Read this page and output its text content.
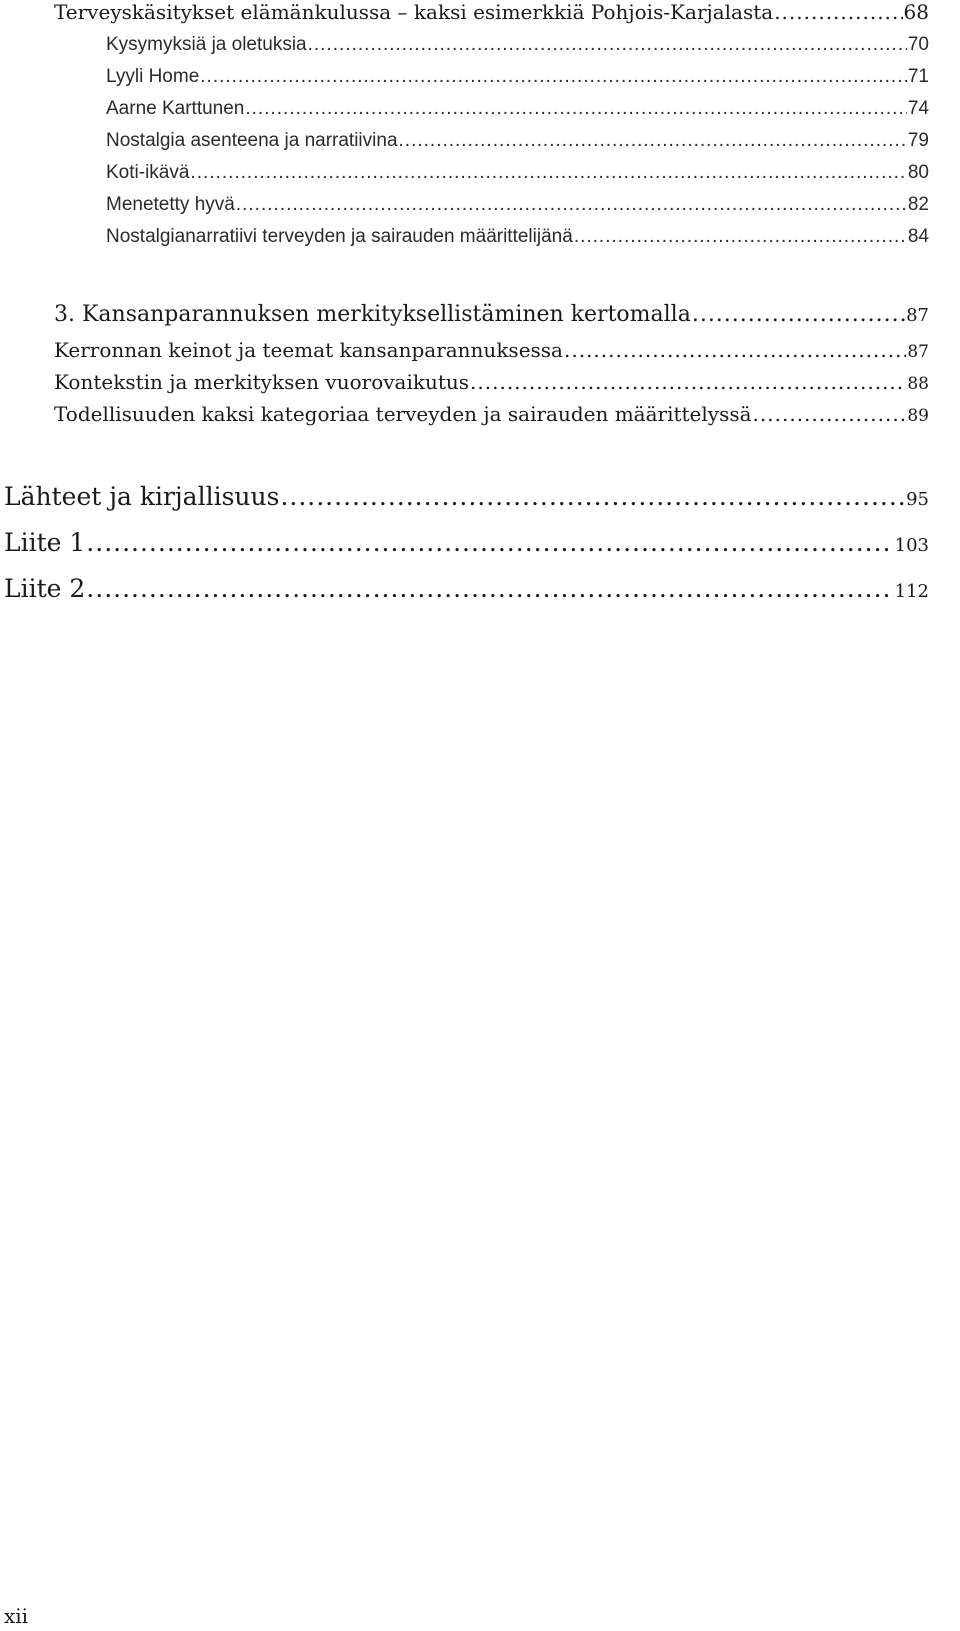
Terveyskäsitykset elämänkulussa – kaksi esimerkkiä Pohjois-Karjalasta .....	68
Kysymyksiä ja oletuksia .....	70
Lyyli Home .....	71
Aarne Karttunen .....	74
Nostalgia asenteena ja narratiivina .....	79
Koti-ikävä .....	80
Menetetty hyvä .....	82
Nostalgianarratiivi terveyden ja sairauden määrittelijänä .....	84
3. Kansanparannuksen merkityksellistäminen kertomalla .....	87
Kerronnan keinot ja teemat kansanparannuksessa .....	87
Kontekstin ja merkityksen vuorovaikutus .....	88
Todellisuuden kaksi kategoriaa terveyden ja sairauden määrittelyssä .....	89
Lähteet ja kirjallisuus .....	95
Liite 1 .....	103
Liite 2 .....	112
xii
